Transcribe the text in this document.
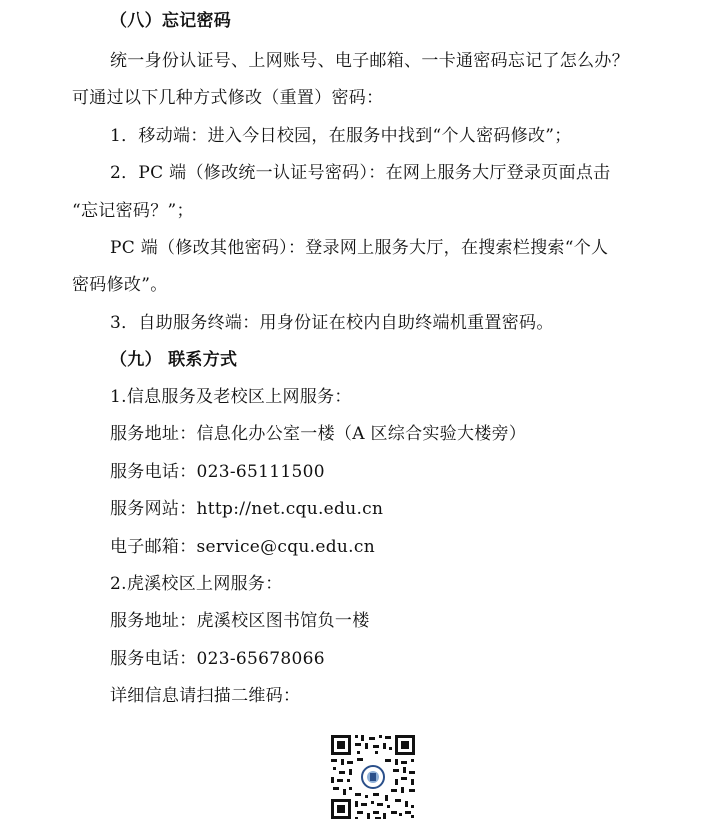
（八）忘记密码
统一身份认证号、上网账号、电子邮箱、一卡通密码忘记了怎么办？
可通过以下几种方式修改（重置）密码：
1．移动端：进入今日校园，在服务中找到“个人密码修改”；
2．PC 端（修改统一认证号密码）：在网上服务大厅登录页面点击
“忘记密码？”；
PC 端（修改其他密码）：登录网上服务大厅，在搜索栏搜索“个人
密码修改”。
3．自助服务终端：用身份证在校内自助终端机重置密码。
（九） 联系方式
1.信息服务及老校区上网服务：
服务地址：信息化办公室一楼（A 区综合实验大楼旁）
服务电话：023-65111500
服务网站：http://net.cqu.edu.cn
电子邮箱：service@cqu.edu.cn
2.虎溪校区上网服务：
服务地址：虎溪校区图书馆负一楼
服务电话：023-65678066
详细信息请扫描二维码：
